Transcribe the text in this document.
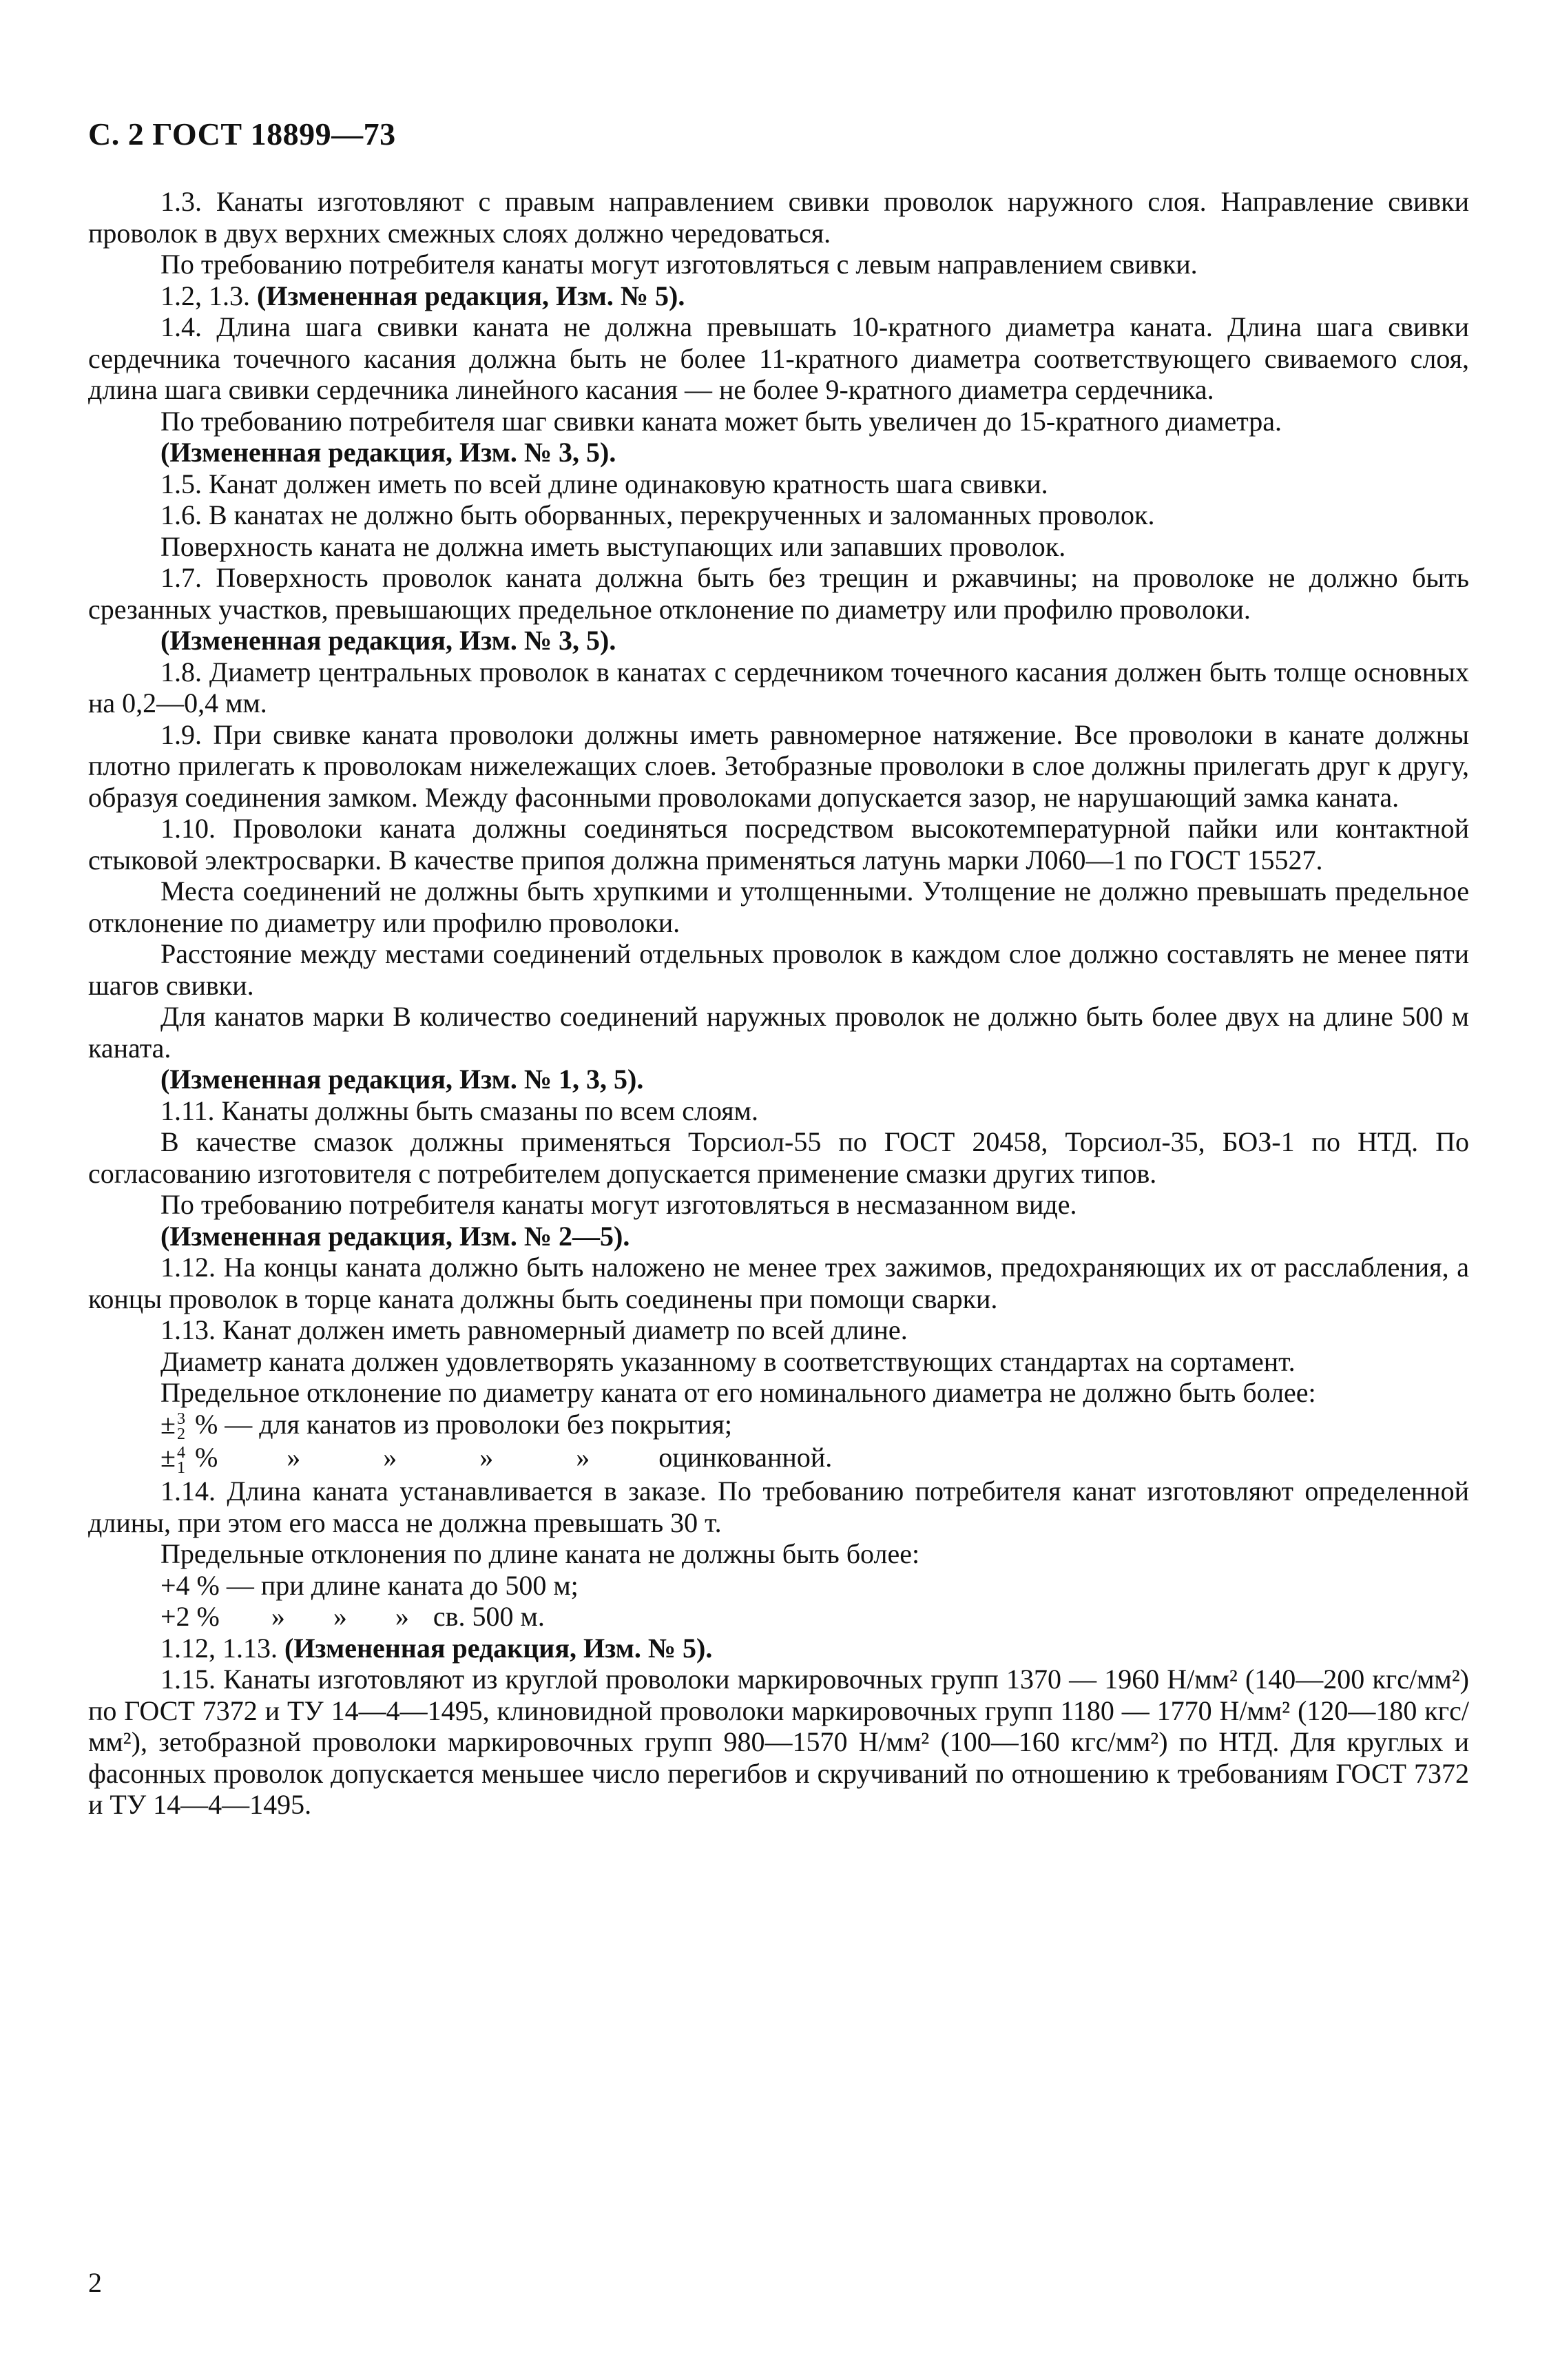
С. 2 ГОСТ 18899—73

1.3. Канаты изготовляют с правым направлением свивки проволок наружного слоя. Направление свивки проволок в двух верхних смежных слоях должно чередоваться.

По требованию потребителя канаты могут изготовляться с левым направлением свивки.

1.2, 1.3. (Измененная редакция, Изм. № 5).

1.4. Длина шага свивки каната не должна превышать 10-кратного диаметра каната. Длина шага свивки сердечника точечного касания должна быть не более 11-кратного диаметра соответствующего свиваемого слоя, длина шага свивки сердечника линейного касания — не более 9-кратного диаметра сердечника.

По требованию потребителя шаг свивки каната может быть увеличен до 15-кратного диаметра.

(Измененная редакция, Изм. № 3, 5).

1.5. Канат должен иметь по всей длине одинаковую кратность шага свивки.

1.6. В канатах не должно быть оборванных, перекрученных и заломанных проволок.

Поверхность каната не должна иметь выступающих или запавших проволок.

1.7. Поверхность проволок каната должна быть без трещин и ржавчины; на проволоке не должно быть срезанных участков, превышающих предельное отклонение по диаметру или профилю проволоки.

(Измененная редакция, Изм. № 3, 5).

1.8. Диаметр центральных проволок в канатах с сердечником точечного касания должен быть толще основных на 0,2—0,4 мм.

1.9. При свивке каната проволоки должны иметь равномерное натяжение. Все проволоки в канате должны плотно прилегать к проволокам нижележащих слоев. Зетобразные проволоки в слое должны прилегать друг к другу, образуя соединения замком. Между фасонными проволоками допускается зазор, не нарушающий замка каната.

1.10. Проволоки каната должны соединяться посредством высокотемпературной пайки или контактной стыковой электросварки. В качестве припоя должна применяться латунь марки Л060—1 по ГОСТ 15527.

Места соединений не должны быть хрупкими и утолщенными. Утолщение не должно превышать предельное отклонение по диаметру или профилю проволоки.

Расстояние между местами соединений отдельных проволок в каждом слое должно составлять не менее пяти шагов свивки.

Для канатов марки В количество соединений наружных проволок не должно быть более двух на длине 500 м каната.

(Измененная редакция, Изм. № 1, 3, 5).

1.11. Канаты должны быть смазаны по всем слоям.

В качестве смазок должны применяться Торсиол-55 по ГОСТ 20458, Торсиол-35, БОЗ-1 по НТД. По согласованию изготовителя с потребителем допускается применение смазки других типов.

По требованию потребителя канаты могут изготовляться в несмазанном виде.

(Измененная редакция, Изм. № 2—5).

1.12. На концы каната должно быть наложено не менее трех зажимов, предохраняющих их от расслабления, а концы проволок в торце каната должны быть соединены при помощи сварки.

1.13. Канат должен иметь равномерный диаметр по всей длине.

Диаметр каната должен удовлетворять указанному в соответствующих стандартах на сортамент.

Предельное отклонение по диаметру каната от его номинального диаметра не должно быть более:

± 3
2 % — для канатов из проволоки без покрытия;
± 4
1 %	»	»	»	»	оцинкованной.

1.14. Длина каната устанавливается в заказе. По требованию потребителя канат изготовляют определенной длины, при этом его масса не должна превышать 30 т.

Предельные отклонения по длине каната не должны быть более:

+4 % — при длине каната до 500 м;
+2 % » » » св. 500 м.

1.12, 1.13. (Измененная редакция, Изм. № 5).

1.15. Канаты изготовляют из круглой проволоки маркировочных групп 1370 — 1960 Н/мм² (140—200 кгс/мм²) по ГОСТ 7372 и ТУ 14—4—1495, клиновидной проволоки маркировочных групп 1180 — 1770 Н/мм² (120—180 кгс/мм²), зетобразной проволоки маркировочных групп 980—1570 Н/мм² (100—160 кгс/мм²) по НТД. Для круглых и фасонных проволок допускается меньшее число перегибов и скручиваний по отношению к требованиям ГОСТ 7372 и ТУ 14—4—1495.

2
